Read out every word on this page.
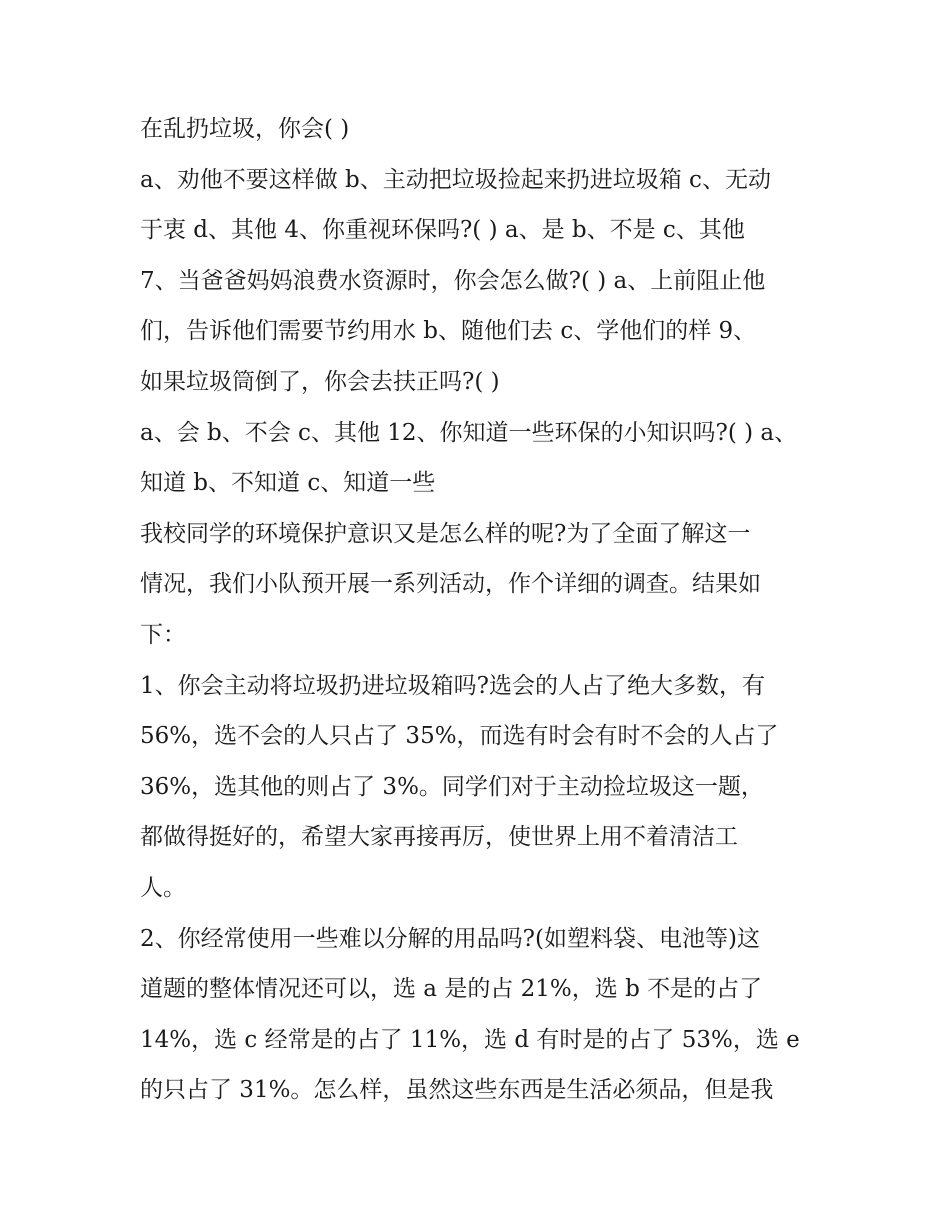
在乱扔垃圾，你会( )
a、劝他不要这样做 b、主动把垃圾捡起来扔进垃圾箱 c、无动
于衷 d、其他 4、你重视环保吗?( ) a、是 b、不是 c、其他
7、当爸爸妈妈浪费水资源时，你会怎么做?( ) a、上前阻止他
们，告诉他们需要节约用水 b、随他们去 c、学他们的样 9、
如果垃圾筒倒了，你会去扶正吗?( )
a、会 b、不会 c、其他 12、你知道一些环保的小知识吗?( ) a、
知道 b、不知道 c、知道一些
我校同学的环境保护意识又是怎么样的呢?为了全面了解这一
情况，我们小队预开展一系列活动，作个详细的调查。结果如
下：
1、你会主动将垃圾扔进垃圾箱吗?选会的人占了绝大多数，有
56%，选不会的人只占了 35%，而选有时会有时不会的人占了
36%，选其他的则占了 3%。同学们对于主动捡垃圾这一题，
都做得挺好的，希望大家再接再厉，使世界上用不着清洁工
人。
2、你经常使用一些难以分解的用品吗?(如塑料袋、电池等)这
道题的整体情况还可以，选 a 是的占 21%，选 b 不是的占了
14%，选 c 经常是的占了 11%，选 d 有时是的占了 53%，选 e
的只占了 31%。怎么样，虽然这些东西是生活必须品，但是我
